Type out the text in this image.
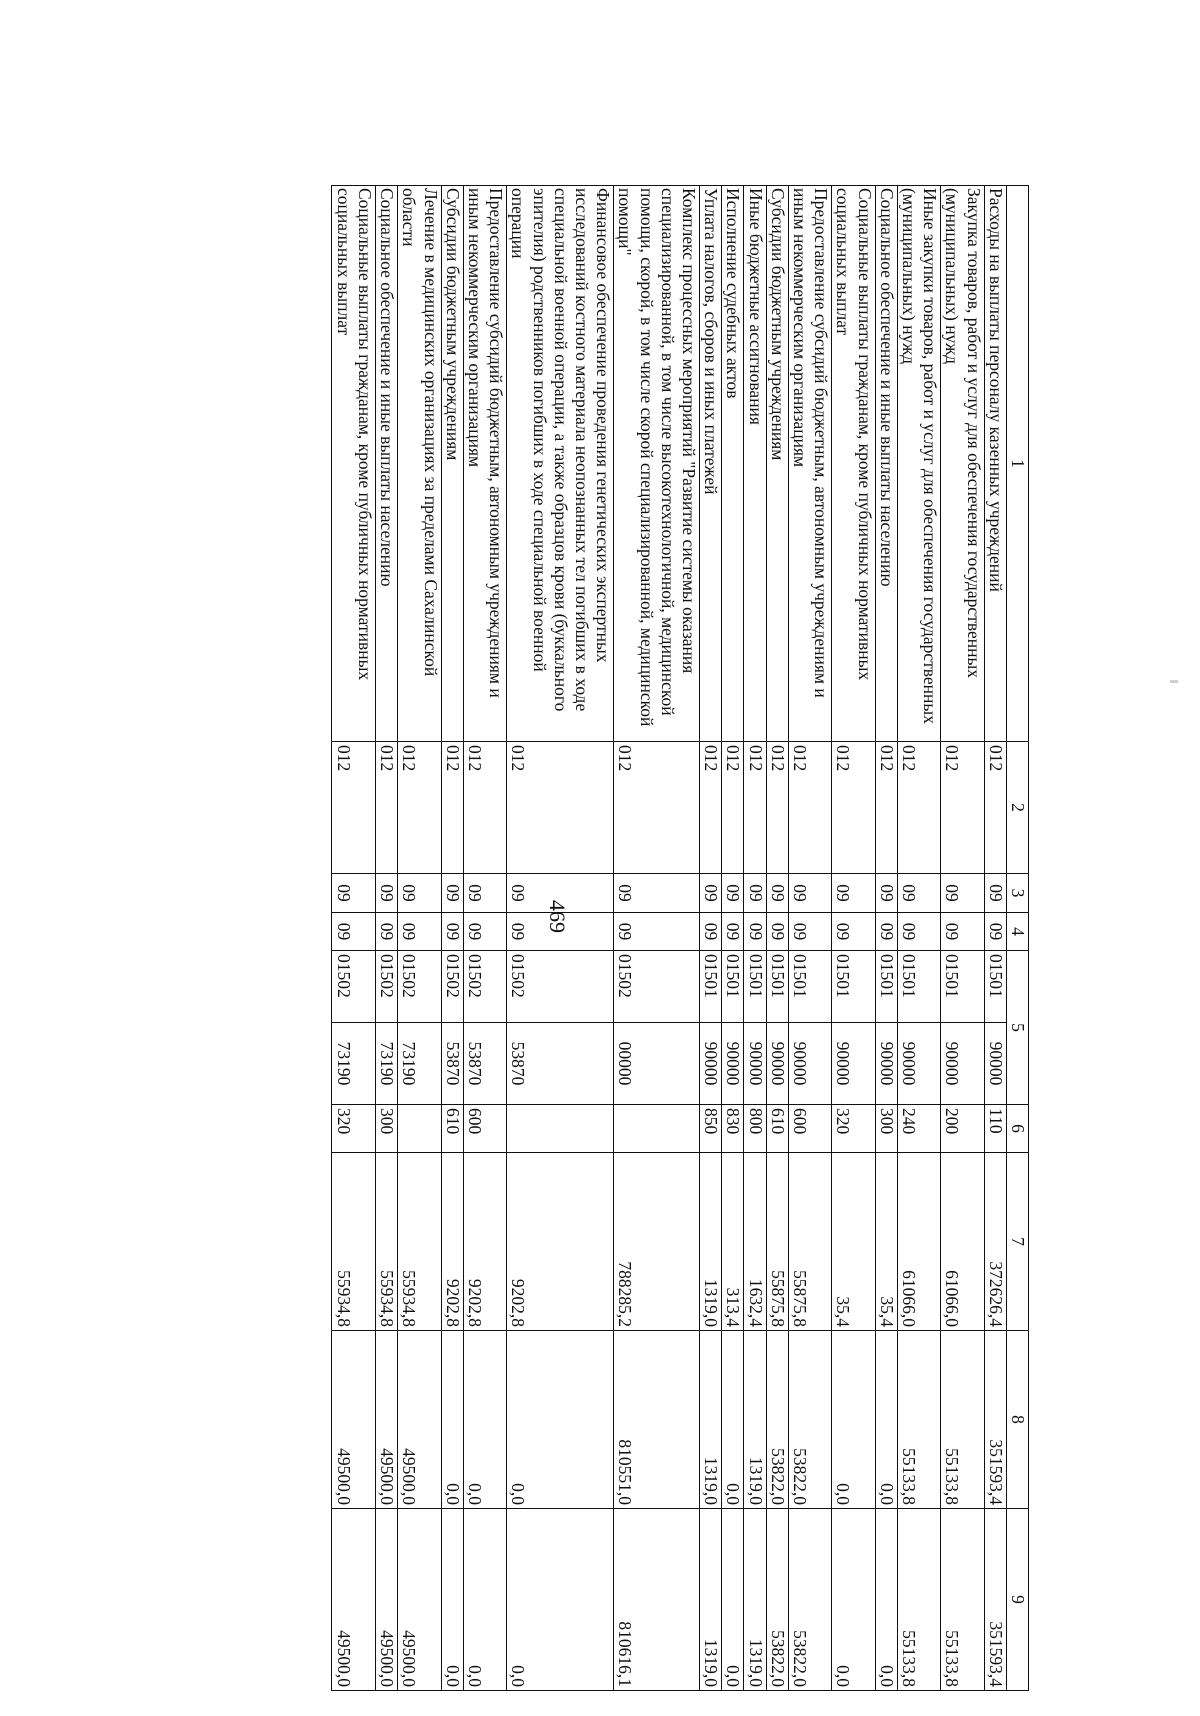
469
1	2	3	4	5		6	7	8	9
Расходы на выплаты персоналу казенных учреждений	012	09	09	01501	90000	110	372626,4	351593,4	351593,4
Закупка товаров, работ и услуг для обеспечения государственных (муниципальных) нужд	012	09	09	01501	90000	200	61066,0	55133,8	55133,8
Иные закупки товаров, работ и услуг для обеспечения государственных (муниципальных) нужд	012	09	09	01501	90000	240	61066,0	55133,8	55133,8
Социальное обеспечение и иные выплаты населению	012	09	09	01501	90000	300	35,4	0,0	0,0
Социальные выплаты гражданам, кроме публичных нормативных социальных выплат	012	09	09	01501	90000	320	35,4	0,0	0,0
Предоставление субсидий бюджетным, автономным учреждениям и иным некоммерческим организациям	012	09	09	01501	90000	600	55875,8	53822,0	53822,0
Субсидии бюджетным учреждениям	012	09	09	01501	90000	610	55875,8	53822,0	53822,0
Иные бюджетные ассигнования	012	09	09	01501	90000	800	1632,4	1319,0	1319,0
Исполнение судебных актов	012	09	09	01501	90000	830	313,4	0,0	0,0
Уплата налогов, сборов и иных платежей	012	09	09	01501	90000	850	1319,0	1319,0	1319,0
Комплекс процессных мероприятий "Развитие системы оказания специализированной, в том числе высокотехнологичной, медицинской помощи, скорой, в том числе скорой специализированной, медицинской помощи"	012	09	09	01502	00000		788285,2	810551,0	810616,1
Финансовое обеспечение проведения генетических экспертных исследований костного материала неопознанных тел погибших в ходе специальной военной операции, а также образцов крови (буккального эпителия) родственников погибших в ходе специальной военной операции	012	09	09	01502	53870		9202,8	0,0	0,0
Предоставление субсидий бюджетным, автономным учреждениям и иным некоммерческим организациям	012	09	09	01502	53870	600	9202,8	0,0	0,0
Субсидии бюджетным учреждениям	012	09	09	01502	53870	610	9202,8	0,0	0,0
Лечение в медицинских организациях за пределами Сахалинской области	012	09	09	01502	73190		55934,8	49500,0	49500,0
Социальное обеспечение и иные выплаты населению	012	09	09	01502	73190	300	55934,8	49500,0	49500,0
Социальные выплаты гражданам, кроме публичных нормативных социальных выплат	012	09	09	01502	73190	320	55934,8	49500,0	49500,0
